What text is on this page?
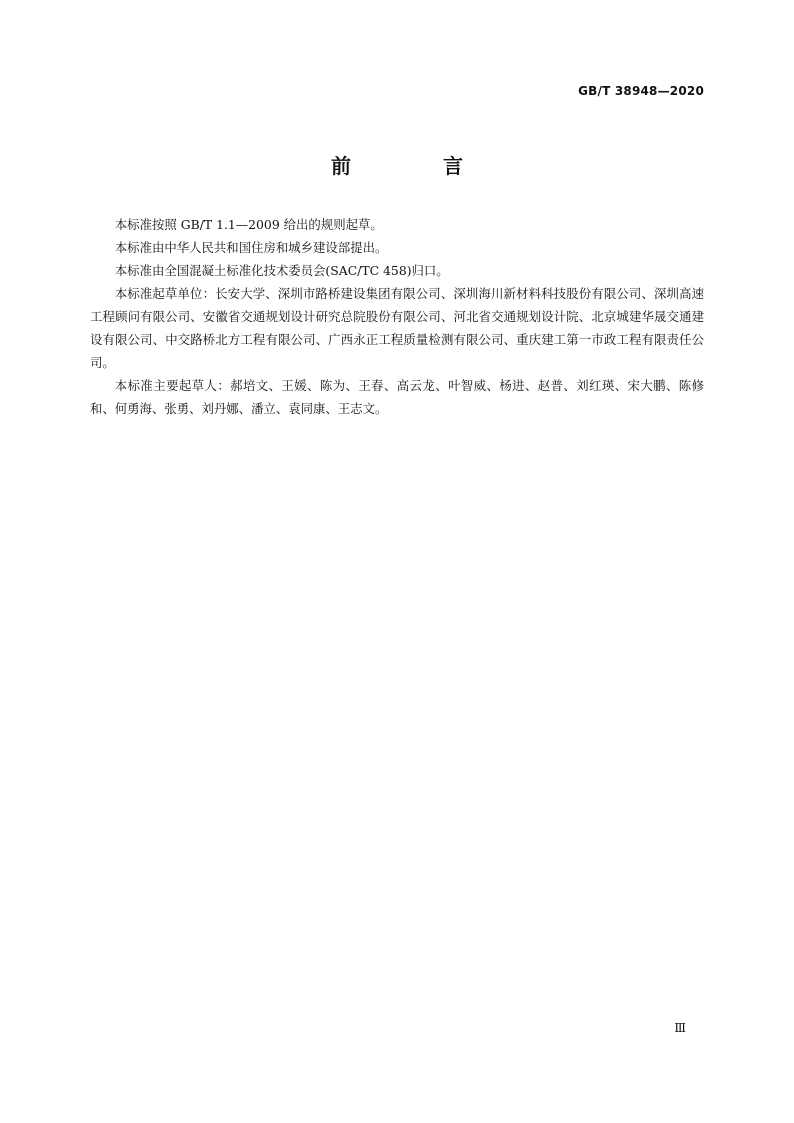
GB/T 38948—2020
前　言

本标准按照 GB/T 1.1—2009 给出的规则起草。

本标准由中华人民共和国住房和城乡建设部提出。

本标准由全国混凝土标准化技术委员会(SAC/TC 458)归口。

本标准起草单位：长安大学、深圳市路桥建设集团有限公司、深圳海川新材料科技股份有限公司、深圳高速工程顾问有限公司、安徽省交通规划设计研究总院股份有限公司、河北省交通规划设计院、北京城建华晟交通建设有限公司、中交路桥北方工程有限公司、广西永正工程质量检测有限公司、重庆建工第一市政工程有限责任公司。

本标准主要起草人：郝培文、王媛、陈为、王春、高云龙、叶智威、杨进、赵普、刘红瑛、宋大鹏、陈修和、何勇海、张勇、刘丹娜、潘立、袁同康、王志文。

Ⅲ
